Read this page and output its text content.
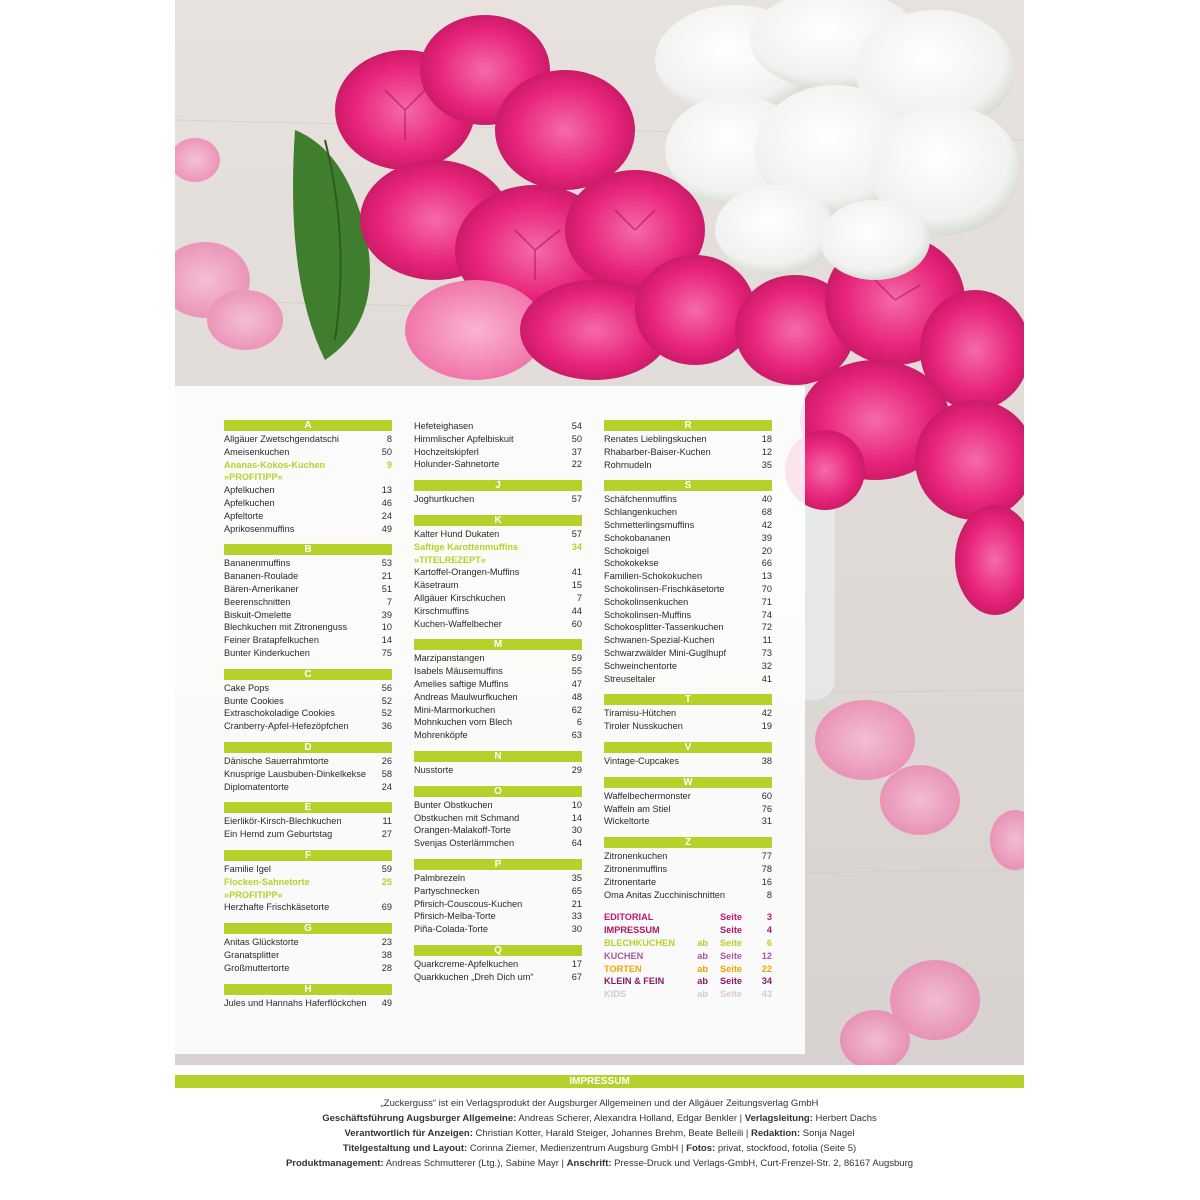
A
Allgäuer Zwetschgendatschi	8
Ameisenkuchen	50
Ananas-Kokos-Kuchen	9
»PROFITIPP«
Apfelkuchen	13
Apfelkuchen	46
Apfeltorte	24
Aprikosenmuffins	49
B
Bananenmuffins	53
Bananen-Roulade	21
Bären-Amerikaner	51
Beerenschnitten	7
Biskuit-Omelette	39
Blechkuchen mit Zitronenguss	10
Feiner Bratapfelkuchen	14
Bunter Kinderkuchen	75
C
Cake Pops	56
Bunte Cookies	52
Extraschokoladige Cookies	52
Cranberry-Apfel-Hefezöpfchen	36
D
Dänische Sauerrahmtorte	26
Knusprige Lausbuben-Dinkelkekse	58
Diplomatentorte	24
E
Eierlikör-Kirsch-Blechkuchen	11
Ein Hemd zum Geburtstag	27
F
Familie Igel	59
Flocken-Sahnetorte	25
»PROFITIPP«
Herzhafte Frischkäsetorte	69
G
Anitas Glückstorte	23
Granatsplitter	38
Großmuttertorte	28
H
Jules und Hannahs Haferflöckchen	49
Hefeteighasen	54
Himmlischer Apfelbiskuit	50
Hochzeitskipferl	37
Holunder-Sahnetorte	22
J
Joghurtkuchen	57
K
Kalter Hund Dukaten	57
Saftige Karottenmuffins	34
»TITELREZEPT«
Kartoffel-Orangen-Muffins	41
Käsetraum	15
Allgäuer Kirschkuchen	7
Kirschmuffins	44
Kuchen-Waffelbecher	60
M
Marzipanstangen	59
Isabels Mäusemuffins	55
Amelies saftige Muffins	47
Andreas Maulwurfkuchen	48
Mini-Marmorkuchen	62
Mohnkuchen vom Blech	6
Mohrenköpfe	63
N
Nusstorte	29
O
Bunter Obstkuchen	10
Obstkuchen mit Schmand	14
Orangen-Malakoff-Torte	30
Svenjas Osterlämmchen	64
P
Palmbrezeln	35
Partyschnecken	65
Pfirsich-Couscous-Kuchen	21
Pfirsich-Melba-Torte	33
Piña-Colada-Torte	30
Q
Quarkcreme-Apfelkuchen	17
Quarkkuchen „Dreh Dich um“	67
R
Renates Lieblingskuchen	18
Rhabarber-Baiser-Kuchen	12
Rohrnudeln	35
S
Schäfchenmuffins	40
Schlangenkuchen	68
Schmetterlingsmuffins	42
Schokobananen	39
Schokoigel	20
Schokokekse	66
Familien-Schokokuchen	13
Schokolinsen-Frischkäsetorte	70
Schokolinsenkuchen	71
Schokolinsen-Muffins	74
Schokosplitter-Tassenkuchen	72
Schwanen-Spezial-Kuchen	11
Schwarzwälder Mini-Guglhupf	73
Schweinchentorte	32
Streuseltaler	41
T
Tiramisu-Hütchen	42
Tiroler Nusskuchen	19
V
Vintage-Cupcakes	38
W
Waffelbechermonster	60
Waffeln am Stiel	76
Wickeltorte	31
Z
Zitronenkuchen	77
Zitronenmuffins	78
Zitronentarte	16
Oma Anitas Zucchinischnitten	8
EDITORIAL	Seite	3
IMPRESSUM	Seite	4
BLECHKUCHEN	ab	Seite	6
KUCHEN	ab	Seite	12
TORTEN	ab	Seite	22
KLEIN & FEIN	ab	Seite	34
KIDS	ab	Seite	43
IMPRESSUM
„Zuckerguss“ ist ein Verlagsprodukt der Augsburger Allgemeinen und der Allgäuer Zeitungsverlag GmbH
Geschäftsführung Augsburger Allgemeine: Andreas Scherer, Alexandra Holland, Edgar Benkler | Verlagsleitung: Herbert Dachs
Verantwortlich für Anzeigen: Christian Kotter, Harald Steiger, Johannes Brehm, Beate Belleili | Redaktion: Sonja Nagel
Titelgestaltung und Layout: Corinna Ziemer, Medienzentrum Augsburg GmbH | Fotos: privat, stockfood, fotolia (Seite 5)
Produktmanagement: Andreas Schmutterer (Ltg.), Sabine Mayr | Anschrift: Presse-Druck und Verlags-GmbH, Curt-Frenzel-Str. 2, 86167 Augsburg
